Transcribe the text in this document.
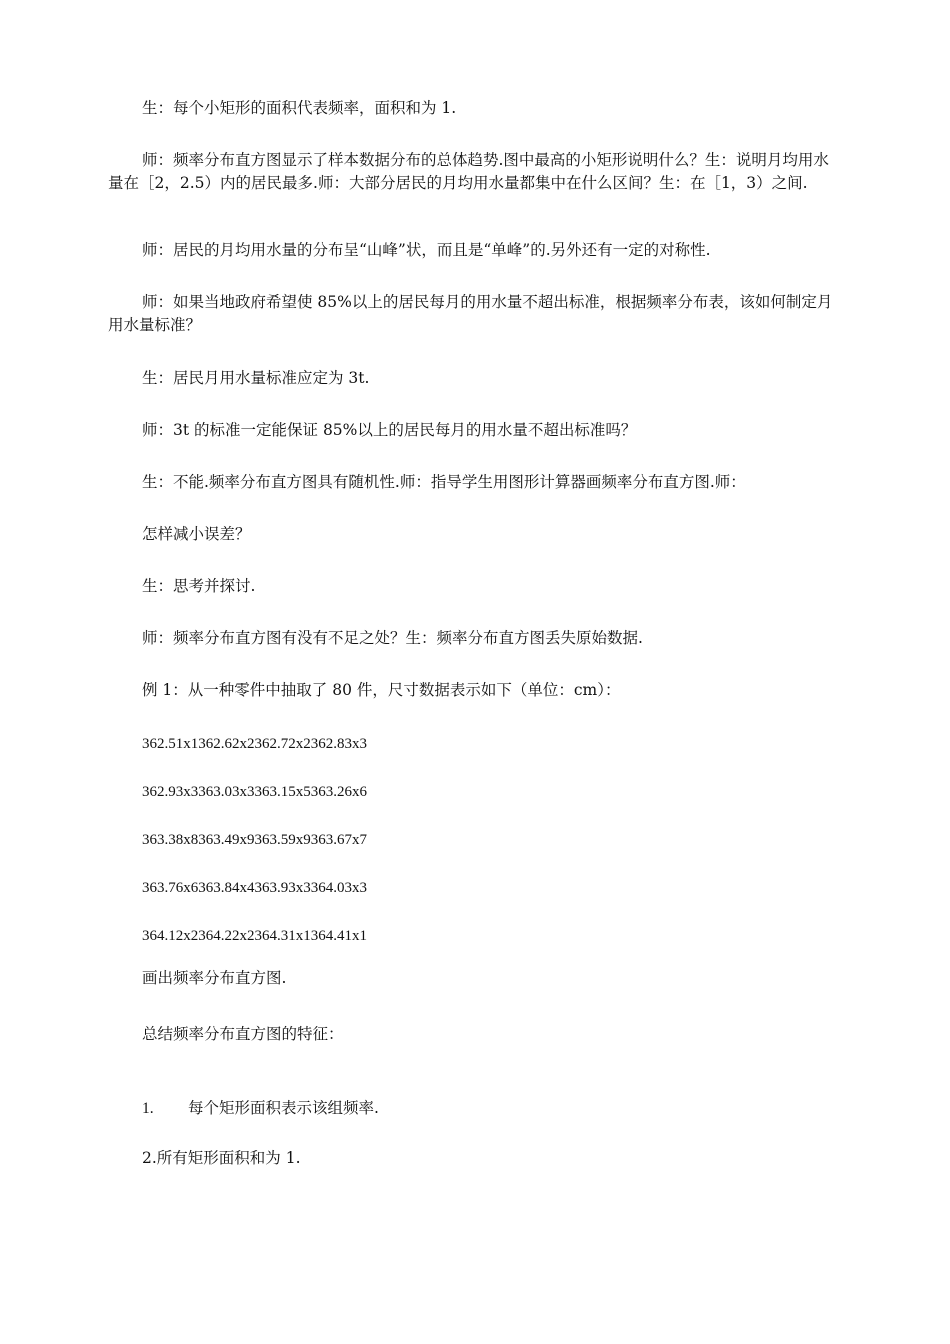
生：每个小矩形的面积代表频率，面积和为 1.
师：频率分布直方图显示了样本数据分布的总体趋势.图中最高的小矩形说明什么？生：说明月均用水量在［2，2.5）内的居民最多.师：大部分居民的月均用水量都集中在什么区间？生：在［1，3）之间.
师：居民的月均用水量的分布呈“山峰”状，而且是“单峰”的.另外还有一定的对称性.
师：如果当地政府希望使 85%以上的居民每月的用水量不超出标准，根据频率分布表，该如何制定月用水量标准？
生：居民月用水量标准应定为 3t.
师：3t 的标准一定能保证 85%以上的居民每月的用水量不超出标准吗？
生：不能.频率分布直方图具有随机性.师：指导学生用图形计算器画频率分布直方图.师：
怎样减小误差？
生：思考并探讨.
师：频率分布直方图有没有不足之处？生：频率分布直方图丢失原始数据.
例 1：从一种零件中抽取了 80 件，尺寸数据表示如下（单位：cm）：
362.51x1362.62x2362.72x2362.83x3
362.93x3363.03x3363.15x5363.26x6
363.38x8363.49x9363.59x9363.67x7
363.76x6363.84x4363.93x3364.03x3
364.12x2364.22x2364.31x1364.41x1
画出频率分布直方图.
总结频率分布直方图的特征：
1. 每个矩形面积表示该组频率.
2.所有矩形面积和为 1.
